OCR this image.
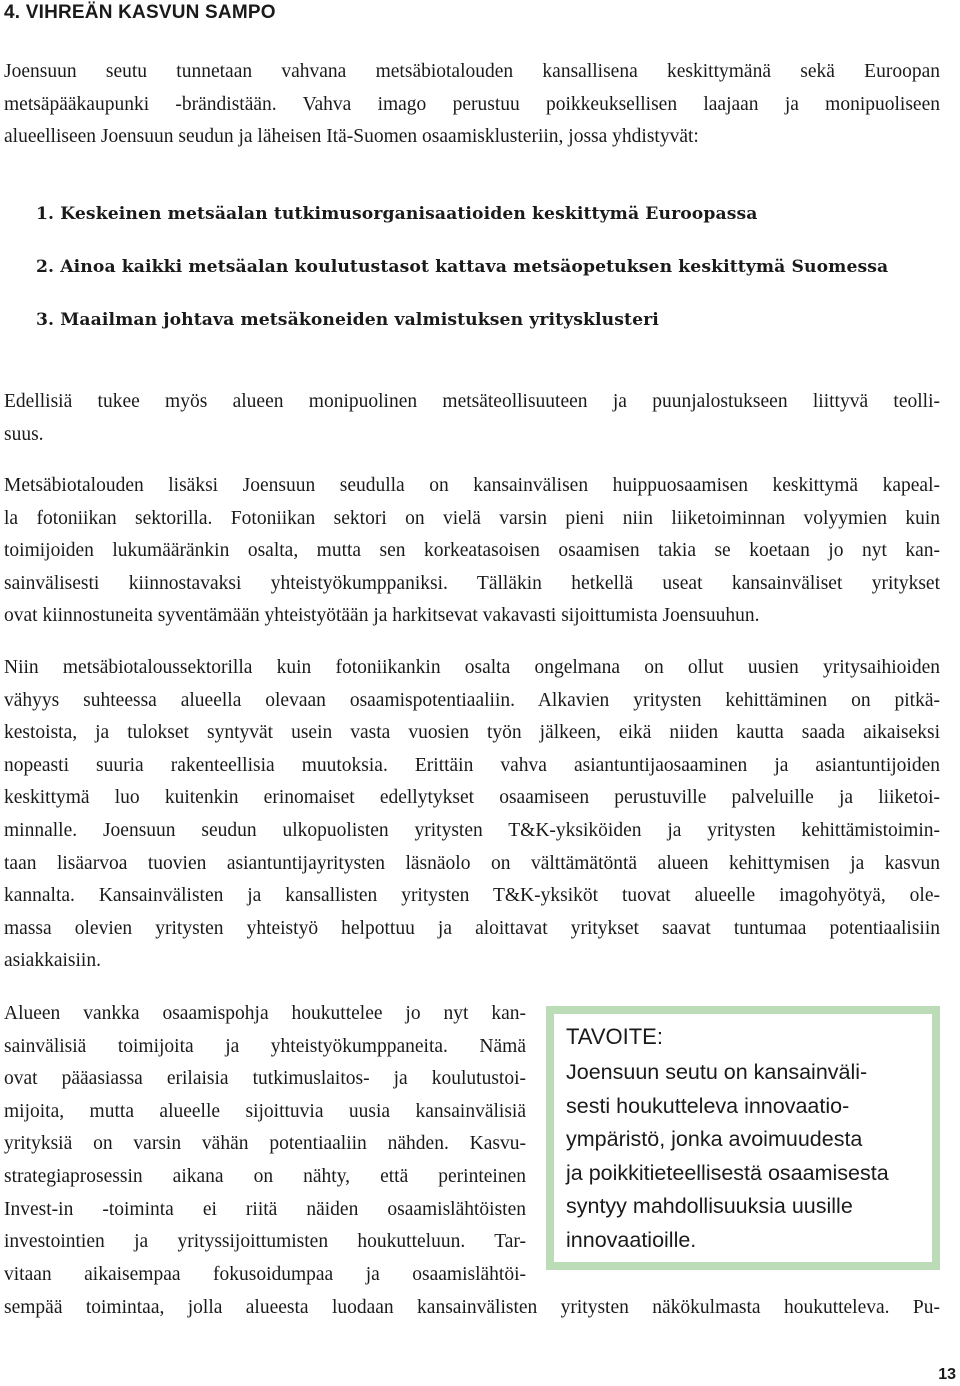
4. VIHREÄN KASVUN SAMPO
Joensuun seutu tunnetaan vahvana metsäbiotalouden kansallisena keskittymänä sekä Euroopan
metsäpääkaupunki -brändistään. Vahva imago perustuu poikkeuksellisen laajaan ja monipuoliseen
alueelliseen Joensuun seudun ja läheisen Itä-Suomen osaamisklusteriin, jossa yhdistyvät:
1. Keskeinen metsäalan tutkimusorganisaatioiden keskittymä Euroopassa
2. Ainoa kaikki metsäalan koulutustasot kattava metsäopetuksen keskittymä Suomessa
3. Maailman johtava metsäkoneiden valmistuksen yritysklusteri
Edellisiä tukee myös alueen monipuolinen metsäteollisuuteen ja puunjalostukseen liittyvä teolli-
suus.
Metsäbiotalouden lisäksi Joensuun seudulla on kansainvälisen huippuosaamisen keskittymä kapeal-
la fotoniikan sektorilla. Fotoniikan sektori on vielä varsin pieni niin liiketoiminnan volyymien kuin
toimijoiden lukumääränkin osalta, mutta sen korkeatasoisen osaamisen takia se koetaan jo nyt kan-
sainvälisesti kiinnostavaksi yhteistyökumppaniksi. Tälläkin hetkellä useat kansainväliset yritykset
ovat kiinnostuneita syventämään yhteistyötään ja harkitsevat vakavasti sijoittumista Joensuuhun.
Niin metsäbiotaloussektorilla kuin fotoniikankin osalta ongelmana on ollut uusien yritysaihioiden
vähyys suhteessa alueella olevaan osaamispotentiaaliin. Alkavien yritysten kehittäminen on pitkä-
kestoista, ja tulokset syntyvät usein vasta vuosien työn jälkeen, eikä niiden kautta saada aikaiseksi
nopeasti suuria rakenteellisia muutoksia. Erittäin vahva asiantuntijaosaaminen ja asiantuntijoiden
keskittymä luo kuitenkin erinomaiset edellytykset osaamiseen perustuville palveluille ja liiketoi-
minnalle. Joensuun seudun ulkopuolisten yritysten T&K-yksiköiden ja yritysten kehittämistoimin-
taan lisäarvoa tuovien asiantuntijayritysten läsnäolo on välttämätöntä alueen kehittymisen ja kasvun
kannalta. Kansainvälisten ja kansallisten yritysten T&K-yksiköt tuovat alueelle imagohyötyä, ole-
massa olevien yritysten yhteistyö helpottuu ja aloittavat yritykset saavat tuntumaa potentiaalisiin
asiakkaisiin.
Alueen vankka osaamispohja houkuttelee jo nyt kan-
sainvälisiä toimijoita ja yhteistyökumppaneita. Nämä
ovat pääasiassa erilaisia tutkimuslaitos- ja koulutustoi-
mijoita, mutta alueelle sijoittuvia uusia kansainvälisiä
yrityksiä on varsin vähän potentiaaliin nähden. Kasvu-
strategiaprosessin aikana on nähty, että perinteinen
Invest-in -toiminta ei riitä näiden osaamislähtöisten
investointien ja yrityssijoittumisten houkutteluun. Tar-
vitaan aikaisempaa fokusoidumpaa ja osaamislähtöi-
sempää toimintaa, jolla alueesta luodaan kansainvälisten yritysten näkökulmasta houkutteleva. Pu-
TAVOITE:
Joensuun seutu on kansainväli-
sesti houkutteleva innovaatio-
ympäristö, jonka avoimuudesta
ja poikkitieteellisestä osaamisesta
syntyy mahdollisuuksia uusille
innovaatioille.
13
